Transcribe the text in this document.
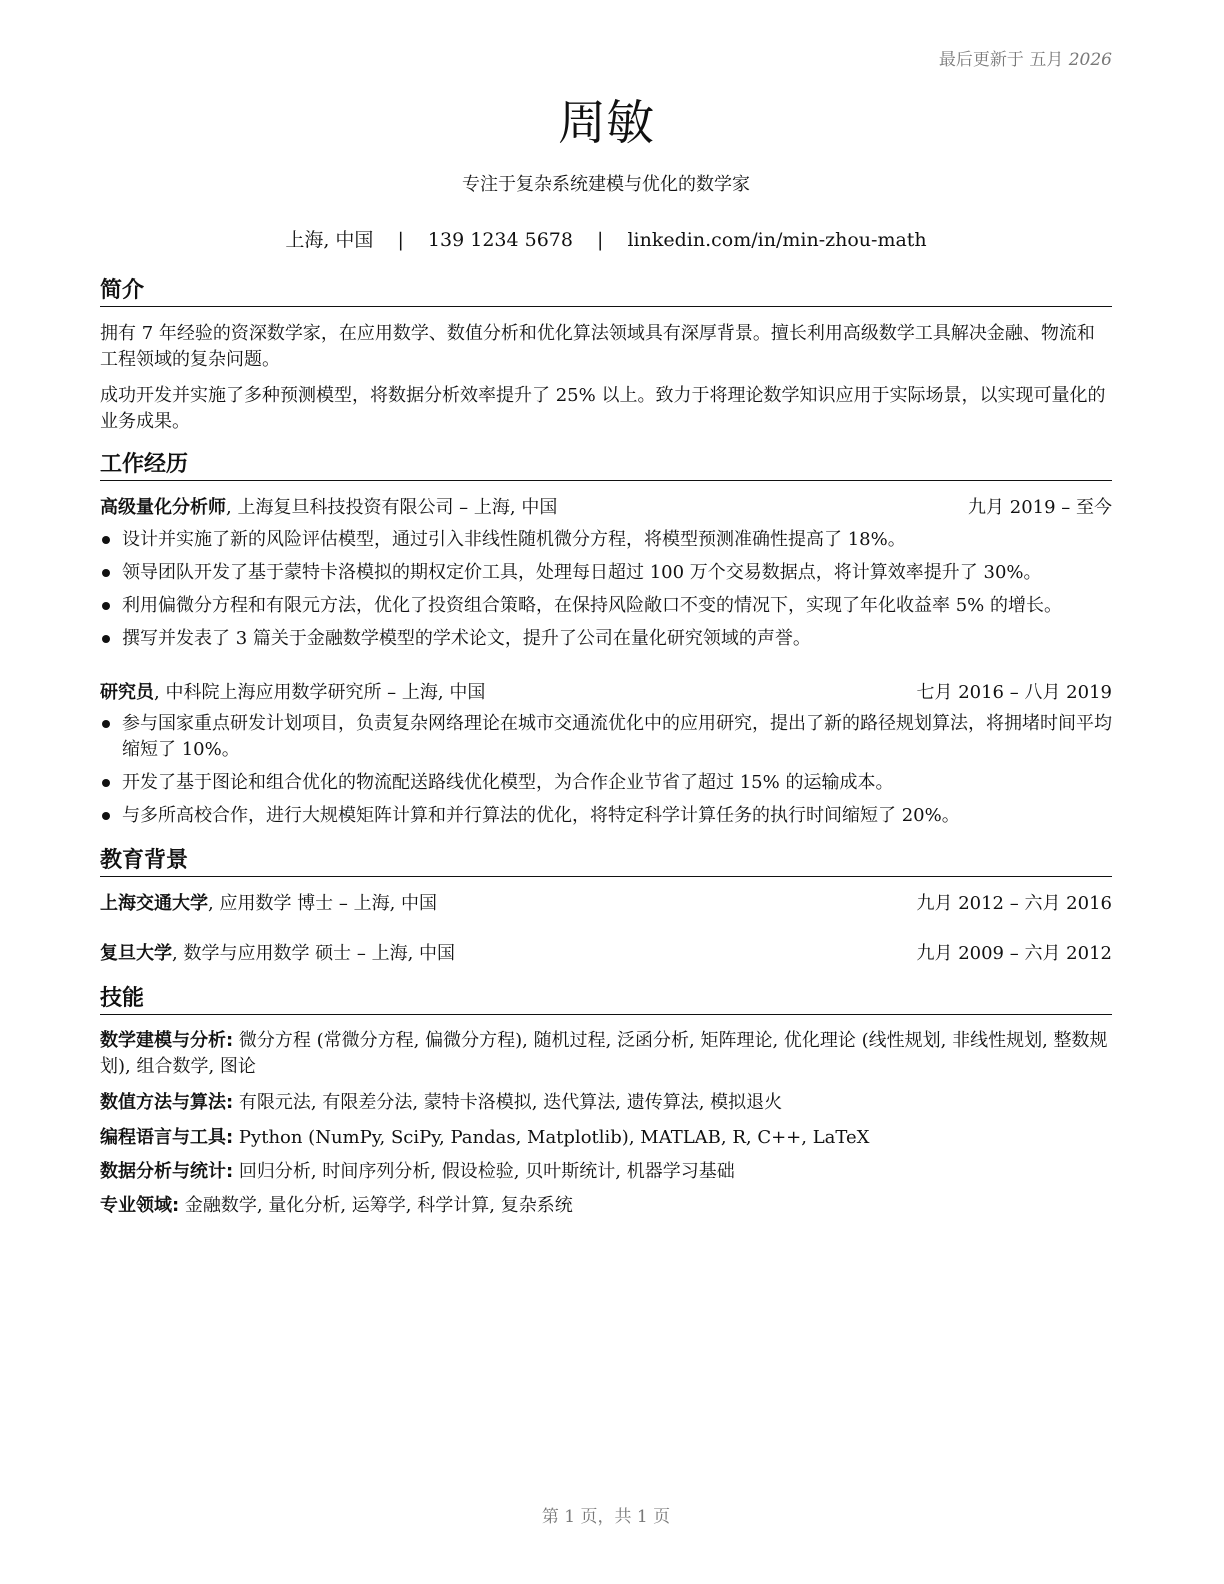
最后更新于 五月 2026
周敏
专注于复杂系统建模与优化的数学家
上海, 中国 | 139 1234 5678 | linkedin.com/in/min-zhou-math
简介
拥有 7 年经验的资深数学家，在应用数学、数值分析和优化算法领域具有深厚背景。擅长利用高级数学工具解决金融、物流和工程领域的复杂问题。
成功开发并实施了多种预测模型，将数据分析效率提升了 25% 以上。致力于将理论数学知识应用于实际场景，以实现可量化的业务成果。
工作经历
高级量化分析师, 上海复旦科技投资有限公司 – 上海, 中国	九月 2019 – 至今
设计并实施了新的风险评估模型，通过引入非线性随机微分方程，将模型预测准确性提高了 18%。
领导团队开发了基于蒙特卡洛模拟的期权定价工具，处理每日超过 100 万个交易数据点，将计算效率提升了 30%。
利用偏微分方程和有限元方法，优化了投资组合策略，在保持风险敞口不变的情况下，实现了年化收益率 5% 的增长。
撰写并发表了 3 篇关于金融数学模型的学术论文，提升了公司在量化研究领域的声誉。
研究员, 中科院上海应用数学研究所 – 上海, 中国	七月 2016 – 八月 2019
参与国家重点研发计划项目，负责复杂网络理论在城市交通流优化中的应用研究，提出了新的路径规划算法，将拥堵时间平均缩短了 10%。
开发了基于图论和组合优化的物流配送路线优化模型，为合作企业节省了超过 15% 的运输成本。
与多所高校合作，进行大规模矩阵计算和并行算法的优化，将特定科学计算任务的执行时间缩短了 20%。
教育背景
上海交通大学, 应用数学 博士 – 上海, 中国	九月 2012 – 六月 2016
复旦大学, 数学与应用数学 硕士 – 上海, 中国	九月 2009 – 六月 2012
技能
数学建模与分析: 微分方程 (常微分方程, 偏微分方程), 随机过程, 泛函分析, 矩阵理论, 优化理论 (线性规划, 非线性规划, 整数规划), 组合数学, 图论
数值方法与算法: 有限元法, 有限差分法, 蒙特卡洛模拟, 迭代算法, 遗传算法, 模拟退火
编程语言与工具: Python (NumPy, SciPy, Pandas, Matplotlib), MATLAB, R, C++, LaTeX
数据分析与统计: 回归分析, 时间序列分析, 假设检验, 贝叶斯统计, 机器学习基础
专业领域: 金融数学, 量化分析, 运筹学, 科学计算, 复杂系统
第 1 页，共 1 页
